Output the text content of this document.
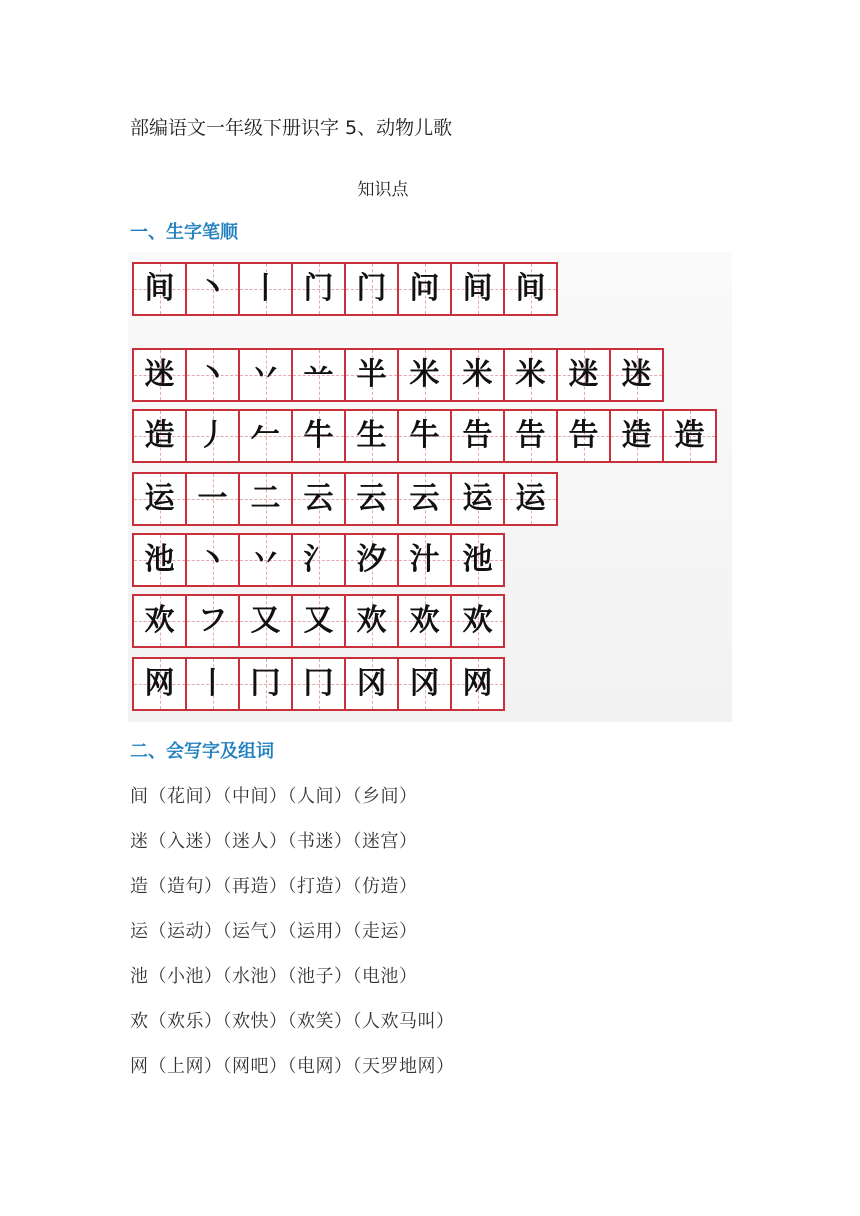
部编语文一年级下册识字 5、动物儿歌
知识点
一、生字笔顺
间 丶 丨 门 门 问 间 间
迷 丶 丷 䒑 半 米 米 米 迷 迷
造 丿 𠂉 牛 生 牛 告 告 告 造 造
运 一 二 云 云 云 运 运
池 丶 丷 氵 汐 汁 池
欢 フ 又 又 欢 欢 欢
网 丨 冂 冂 冈 冈 网
二、会写字及组词
间（花间）（中间）（人间）（乡间）
迷（入迷）（迷人）（书迷）（迷宫）
造（造句）（再造）（打造）（仿造）
运（运动）（运气）（运用）（走运）
池（小池）（水池）（池子）（电池）
欢（欢乐）（欢快）（欢笑）（人欢马叫）
网（上网）（网吧）（电网）（天罗地网）
